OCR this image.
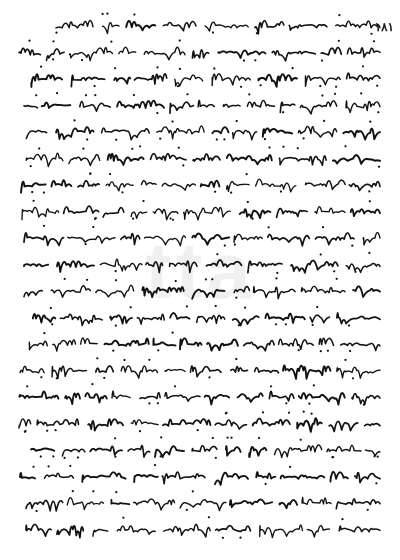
١٨١
tta
